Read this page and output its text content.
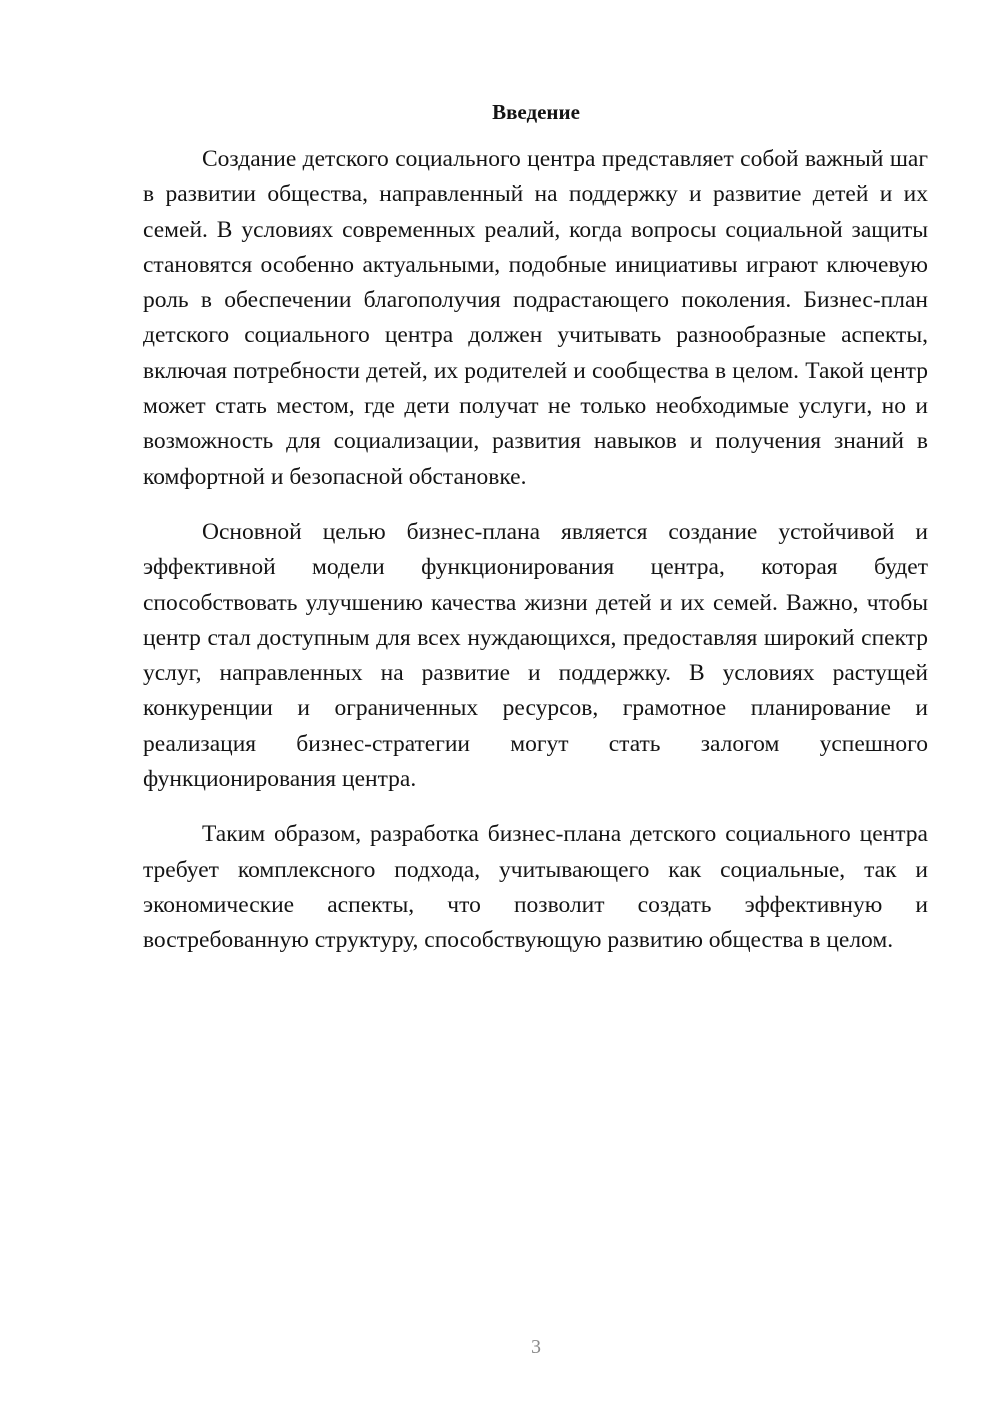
Введение

Создание детского социального центра представляет собой важный шаг в развитии общества, направленный на поддержку и развитие детей и их семей. В условиях современных реалий, когда вопросы социальной защиты становятся особенно актуальными, подобные инициативы играют ключевую роль в обеспечении благополучия подрастающего поколения. Бизнес-план детского социального центра должен учитывать разнообразные аспекты, включая потребности детей, их родителей и сообщества в целом. Такой центр может стать местом, где дети получат не только необходимые услуги, но и возможность для социализации, развития навыков и получения знаний в комфортной и безопасной обстановке.

Основной целью бизнес-плана является создание устойчивой и эффективной модели функционирования центра, которая будет способствовать улучшению качества жизни детей и их семей. Важно, чтобы центр стал доступным для всех нуждающихся, предоставляя широкий спектр услуг, направленных на развитие и поддержку. В условиях растущей конкуренции и ограниченных ресурсов, грамотное планирование и реализация бизнес-стратегии могут стать залогом успешного функционирования центра.

Таким образом, разработка бизнес-плана детского социального центра требует комплексного подхода, учитывающего как социальные, так и экономические аспекты, что позволит создать эффективную и востребованную структуру, способствующую развитию общества в целом.

3
